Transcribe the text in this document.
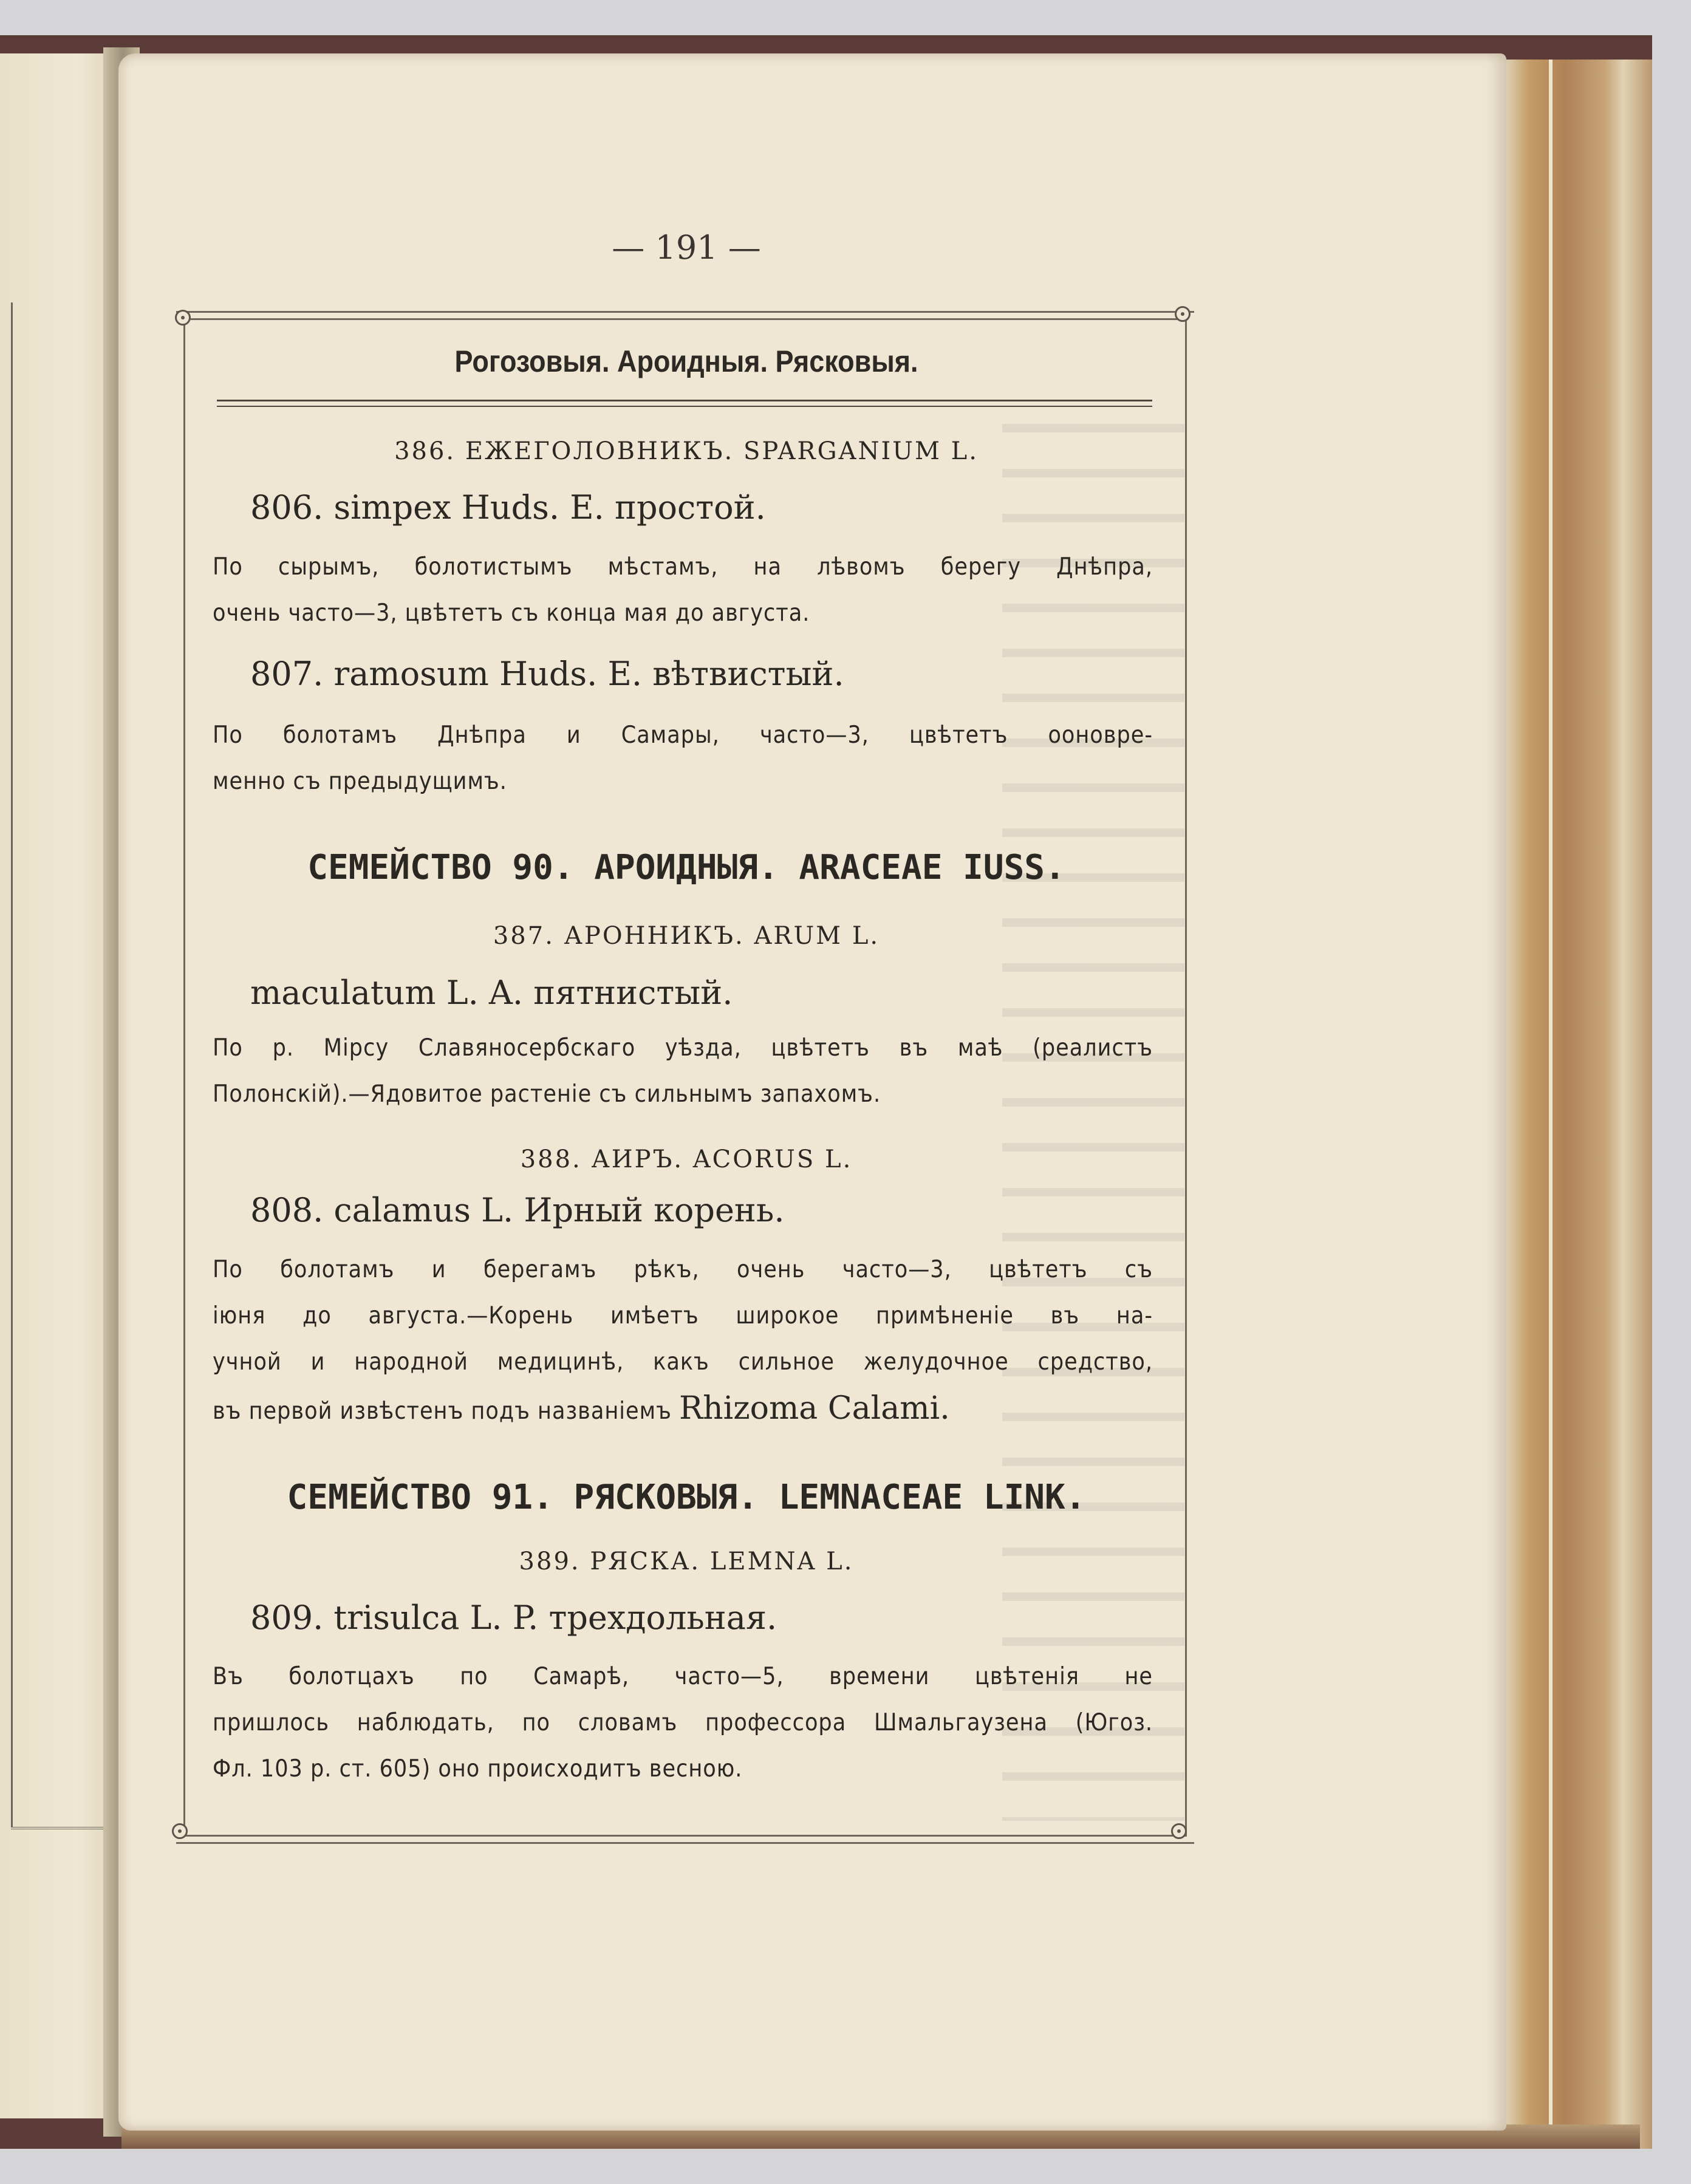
— 191 —
Рогозовыя. Ароидныя. Рясковыя.
386. ЕЖЕГОЛОВНИКЪ. SPARGANIUM L.
806. simpex Huds. E. простой.
По сырымъ, болотистымъ мѣстамъ, на лѣвомъ берегу Днѣпра,
очень часто—3, цвѣтетъ съ конца мая до августа.
807. ramosum Huds. E. вѣтвистый.
По болотамъ Днѣпра и Самары, часто—3, цвѣтетъ ооновре-
менно съ предыдущимъ.
СЕМЕЙСТВО 90. АРОИДНЫЯ. ARACEAE IUSS.
387. АРОННИКЪ. ARUM L.
maculatum L. A. пятнистый.
По р. Мірсу Славяносербскаго уѣзда, цвѣтетъ въ маѣ (реалистъ
Полонскій).—Ядовитое растеніе съ сильнымъ запахомъ.
388. АИРЪ. ACORUS L.
808. calamus L. Ирный корень.
По болотамъ и берегамъ рѣкъ, очень часто—3, цвѣтетъ съ
іюня до августа.—Корень имѣетъ широкое примѣненіе въ на-
учной и народной медицинѣ, какъ сильное желудочное средство,
въ первой извѣстенъ подъ названіемъ Rhizoma Calami.
СЕМЕЙСТВО 91. РЯСКОВЫЯ. LEMNACEAE LINK.
389. РЯСКА. LEMNA L.
809. trisulca L. P. трехдольная.
Въ болотцахъ по Самарѣ, часто—5, времени цвѣтенія не
пришлось наблюдать, по словамъ профессора Шмальгаузена (Югоз.
Фл. 103 р. ст. 605) оно происходитъ весною.
